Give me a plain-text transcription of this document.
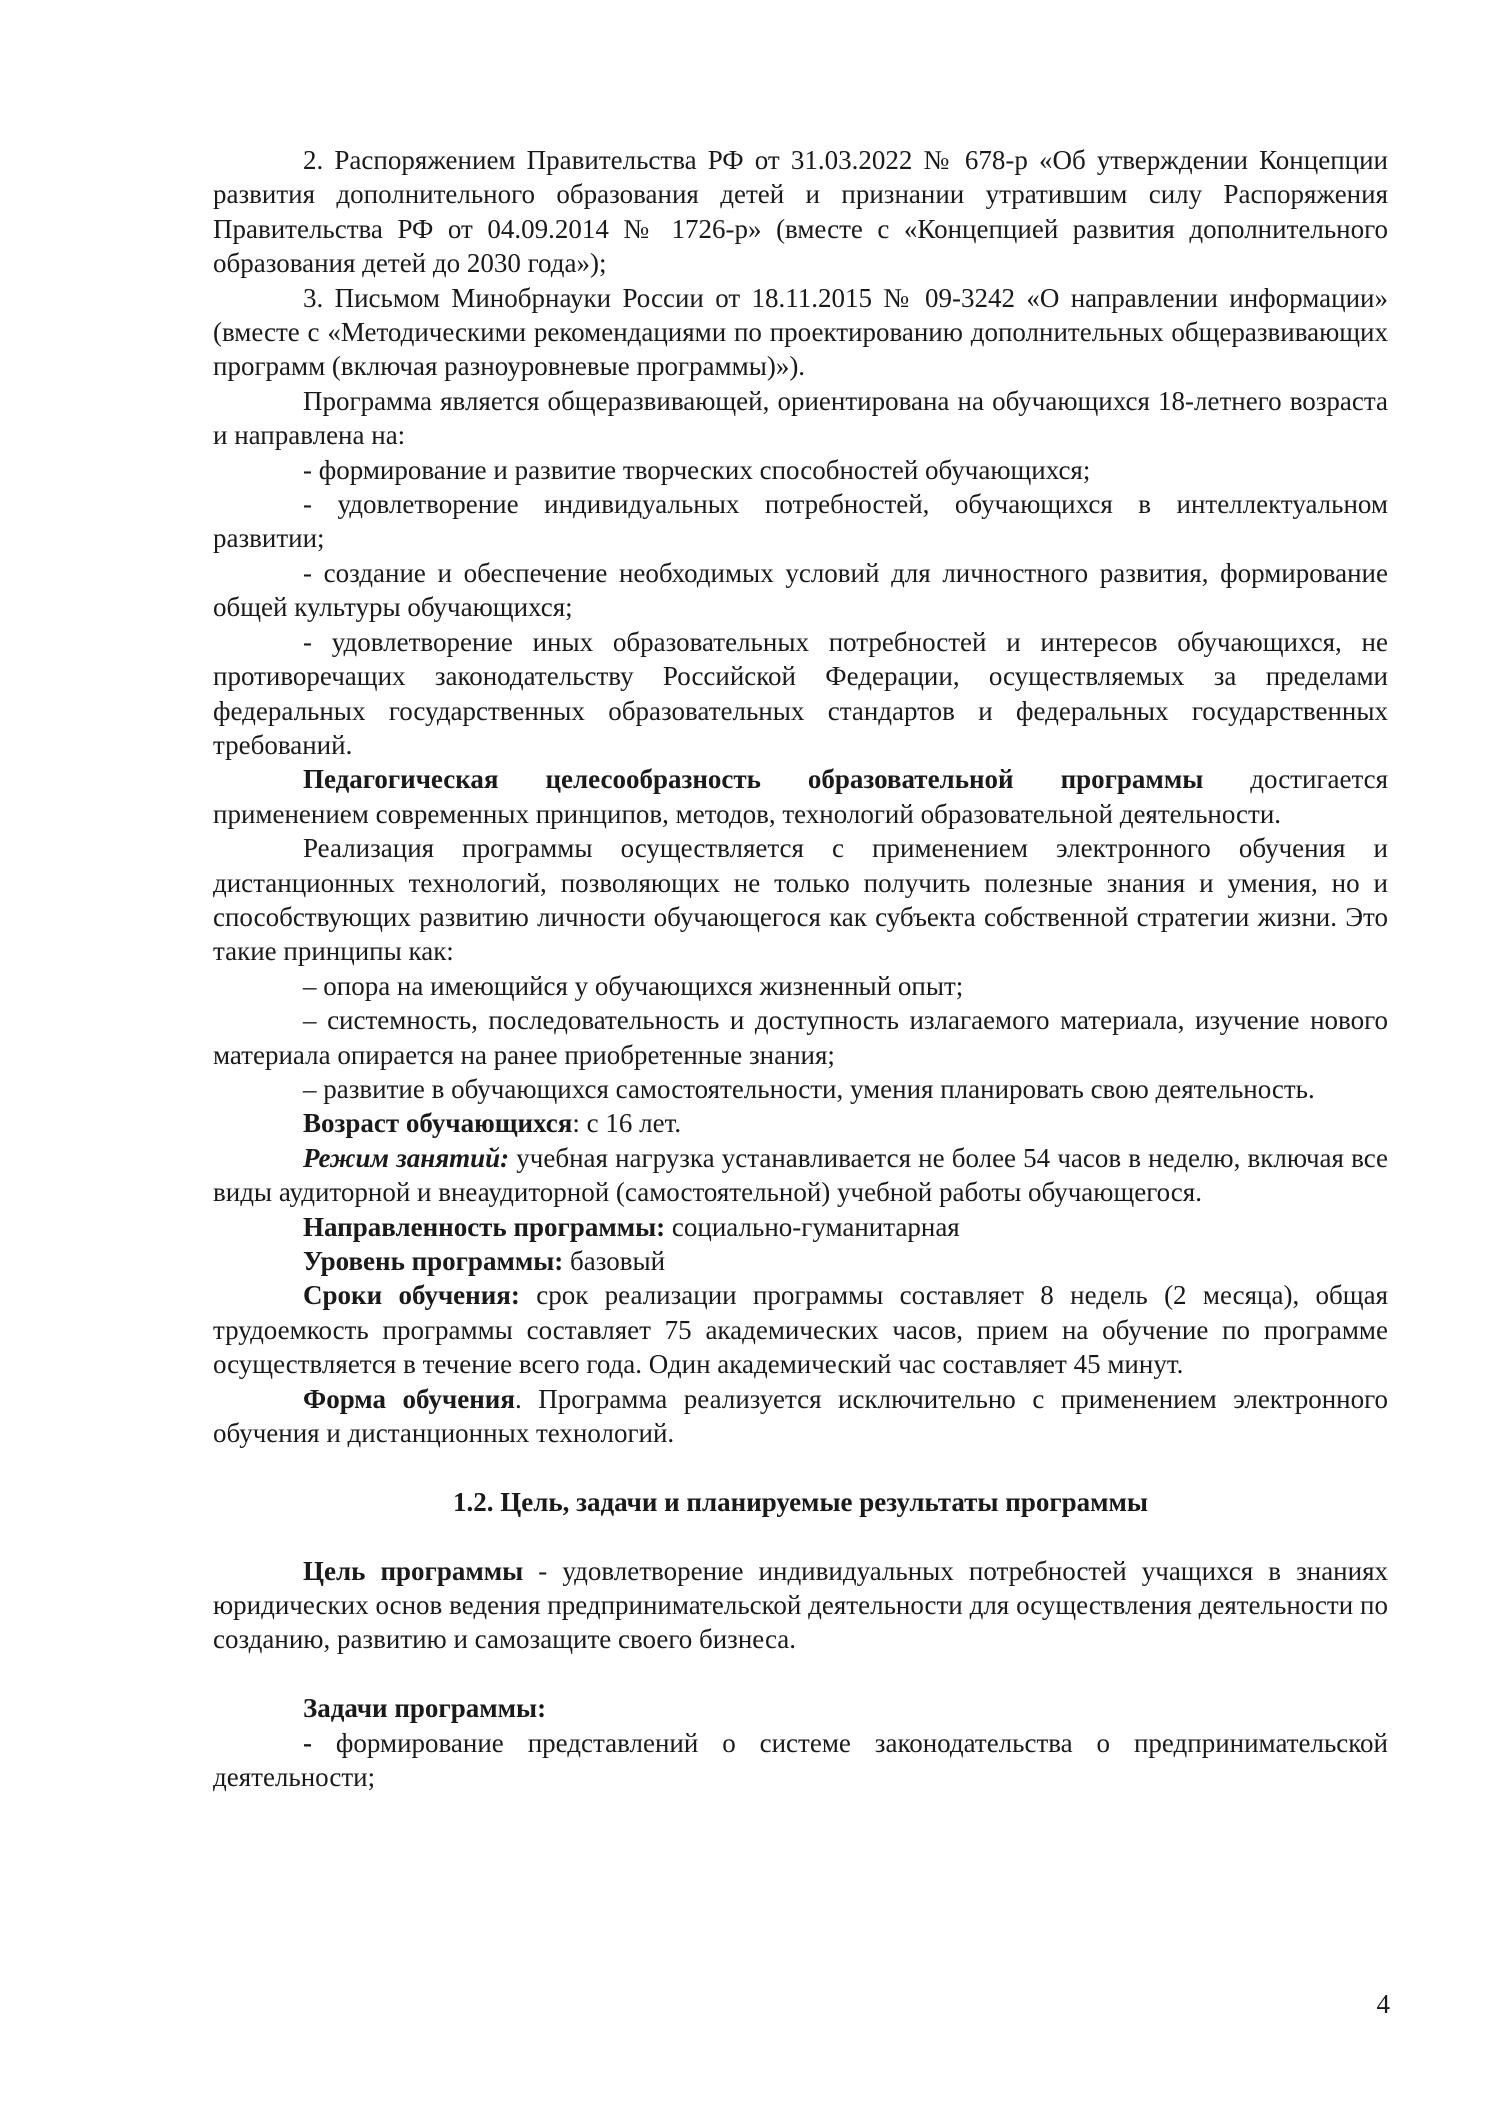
2. Распоряжением Правительства РФ от 31.03.2022 № 678-р «Об утверждении Концепции развития дополнительного образования детей и признании утратившим силу Распоряжения Правительства РФ от 04.09.2014 № 1726-р» (вместе с «Концепцией развития дополнительного образования детей до 2030 года»);

3. Письмом Минобрнауки России от 18.11.2015 № 09-3242 «О направлении информации» (вместе с «Методическими рекомендациями по проектированию дополнительных общеразвивающих программ (включая разноуровневые программы)»).

Программа является общеразвивающей, ориентирована на обучающихся 18-летнего возраста и направлена на:

- формирование и развитие творческих способностей обучающихся;

- удовлетворение индивидуальных потребностей, обучающихся в интеллектуальном развитии;

- создание и обеспечение необходимых условий для личностного развития, формирование общей культуры обучающихся;

- удовлетворение иных образовательных потребностей и интересов обучающихся, не противоречащих законодательству Российской Федерации, осуществляемых за пределами федеральных государственных образовательных стандартов и федеральных государственных требований.

Педагогическая целесообразность образовательной программы достигается применением современных принципов, методов, технологий образовательной деятельности.

Реализация программы осуществляется с применением электронного обучения и дистанционных технологий, позволяющих не только получить полезные знания и умения, но и способствующих развитию личности обучающегося как субъекта собственной стратегии жизни. Это такие принципы как:

– опора на имеющийся у обучающихся жизненный опыт;

– системность, последовательность и доступность излагаемого материала, изучение нового материала опирается на ранее приобретенные знания;

– развитие в обучающихся самостоятельности, умения планировать свою деятельность.

Возраст обучающихся: с 16 лет.

Режим занятий: учебная нагрузка устанавливается не более 54 часов в неделю, включая все виды аудиторной и внеаудиторной (самостоятельной) учебной работы обучающегося.

Направленность программы: социально-гуманитарная

Уровень программы: базовый

Сроки обучения: срок реализации программы составляет 8 недель (2 месяца), общая трудоемкость программы составляет 75 академических часов, прием на обучение по программе осуществляется в течение всего года. Один академический час составляет 45 минут.

Форма обучения. Программа реализуется исключительно с применением электронного обучения и дистанционных технологий.

1.2. Цель, задачи и планируемые результаты программы

Цель программы - удовлетворение индивидуальных потребностей учащихся в знаниях юридических основ ведения предпринимательской деятельности для осуществления деятельности по созданию, развитию и самозащите своего бизнеса.

Задачи программы:

- формирование представлений о системе законодательства о предпринимательской деятельности;

4
